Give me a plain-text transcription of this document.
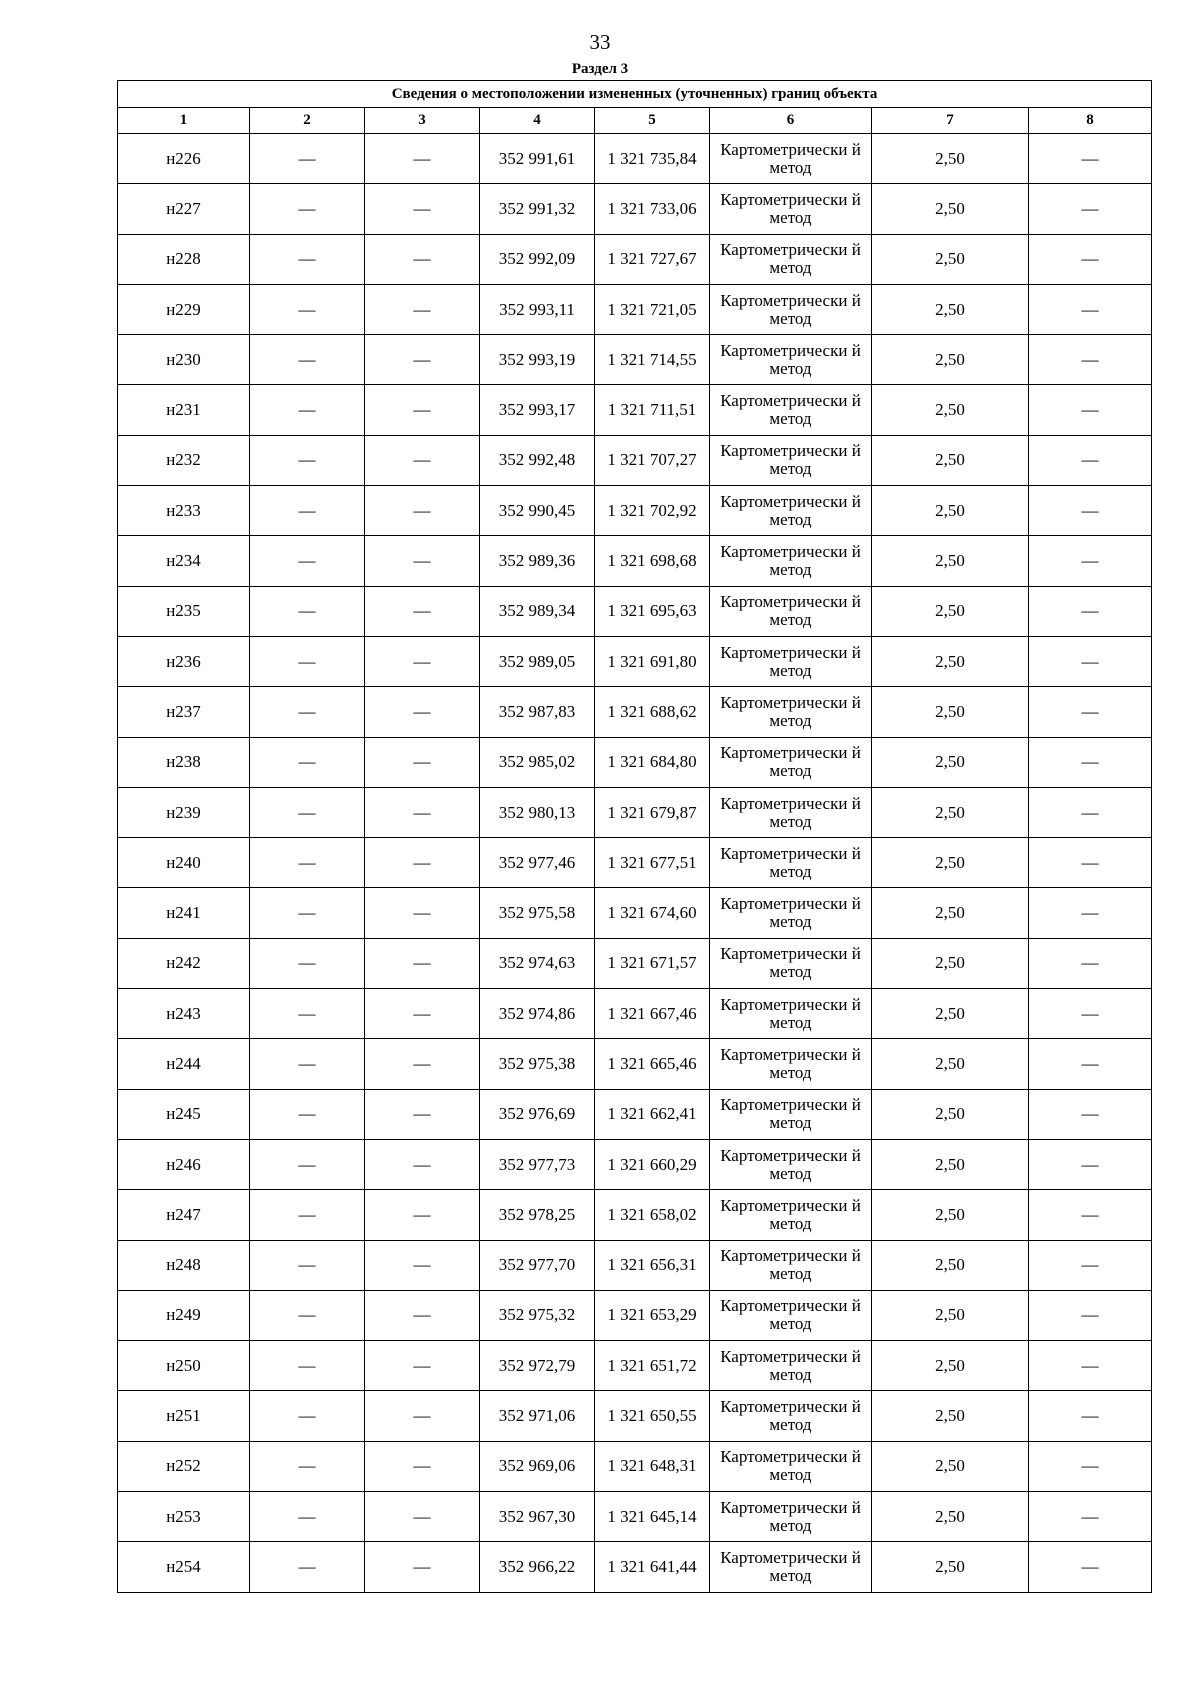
33
Раздел 3
Сведения о местоположении измененных (уточненных) границ объекта							
1	2	3	4	5	6	7	8
н226	—	—	352 991,61	1 321 735,84	Картометрически й метод	2,50	—
н227	—	—	352 991,32	1 321 733,06	Картометрически й метод	2,50	—
н228	—	—	352 992,09	1 321 727,67	Картометрически й метод	2,50	—
н229	—	—	352 993,11	1 321 721,05	Картометрически й метод	2,50	—
н230	—	—	352 993,19	1 321 714,55	Картометрически й метод	2,50	—
н231	—	—	352 993,17	1 321 711,51	Картометрически й метод	2,50	—
н232	—	—	352 992,48	1 321 707,27	Картометрически й метод	2,50	—
н233	—	—	352 990,45	1 321 702,92	Картометрически й метод	2,50	—
н234	—	—	352 989,36	1 321 698,68	Картометрически й метод	2,50	—
н235	—	—	352 989,34	1 321 695,63	Картометрически й метод	2,50	—
н236	—	—	352 989,05	1 321 691,80	Картометрически й метод	2,50	—
н237	—	—	352 987,83	1 321 688,62	Картометрически й метод	2,50	—
н238	—	—	352 985,02	1 321 684,80	Картометрически й метод	2,50	—
н239	—	—	352 980,13	1 321 679,87	Картометрически й метод	2,50	—
н240	—	—	352 977,46	1 321 677,51	Картометрически й метод	2,50	—
н241	—	—	352 975,58	1 321 674,60	Картометрически й метод	2,50	—
н242	—	—	352 974,63	1 321 671,57	Картометрически й метод	2,50	—
н243	—	—	352 974,86	1 321 667,46	Картометрически й метод	2,50	—
н244	—	—	352 975,38	1 321 665,46	Картометрически й метод	2,50	—
н245	—	—	352 976,69	1 321 662,41	Картометрически й метод	2,50	—
н246	—	—	352 977,73	1 321 660,29	Картометрически й метод	2,50	—
н247	—	—	352 978,25	1 321 658,02	Картометрически й метод	2,50	—
н248	—	—	352 977,70	1 321 656,31	Картометрически й метод	2,50	—
н249	—	—	352 975,32	1 321 653,29	Картометрически й метод	2,50	—
н250	—	—	352 972,79	1 321 651,72	Картометрически й метод	2,50	—
н251	—	—	352 971,06	1 321 650,55	Картометрически й метод	2,50	—
н252	—	—	352 969,06	1 321 648,31	Картометрически й метод	2,50	—
н253	—	—	352 967,30	1 321 645,14	Картометрически й метод	2,50	—
н254	—	—	352 966,22	1 321 641,44	Картометрически й метод	2,50	—
